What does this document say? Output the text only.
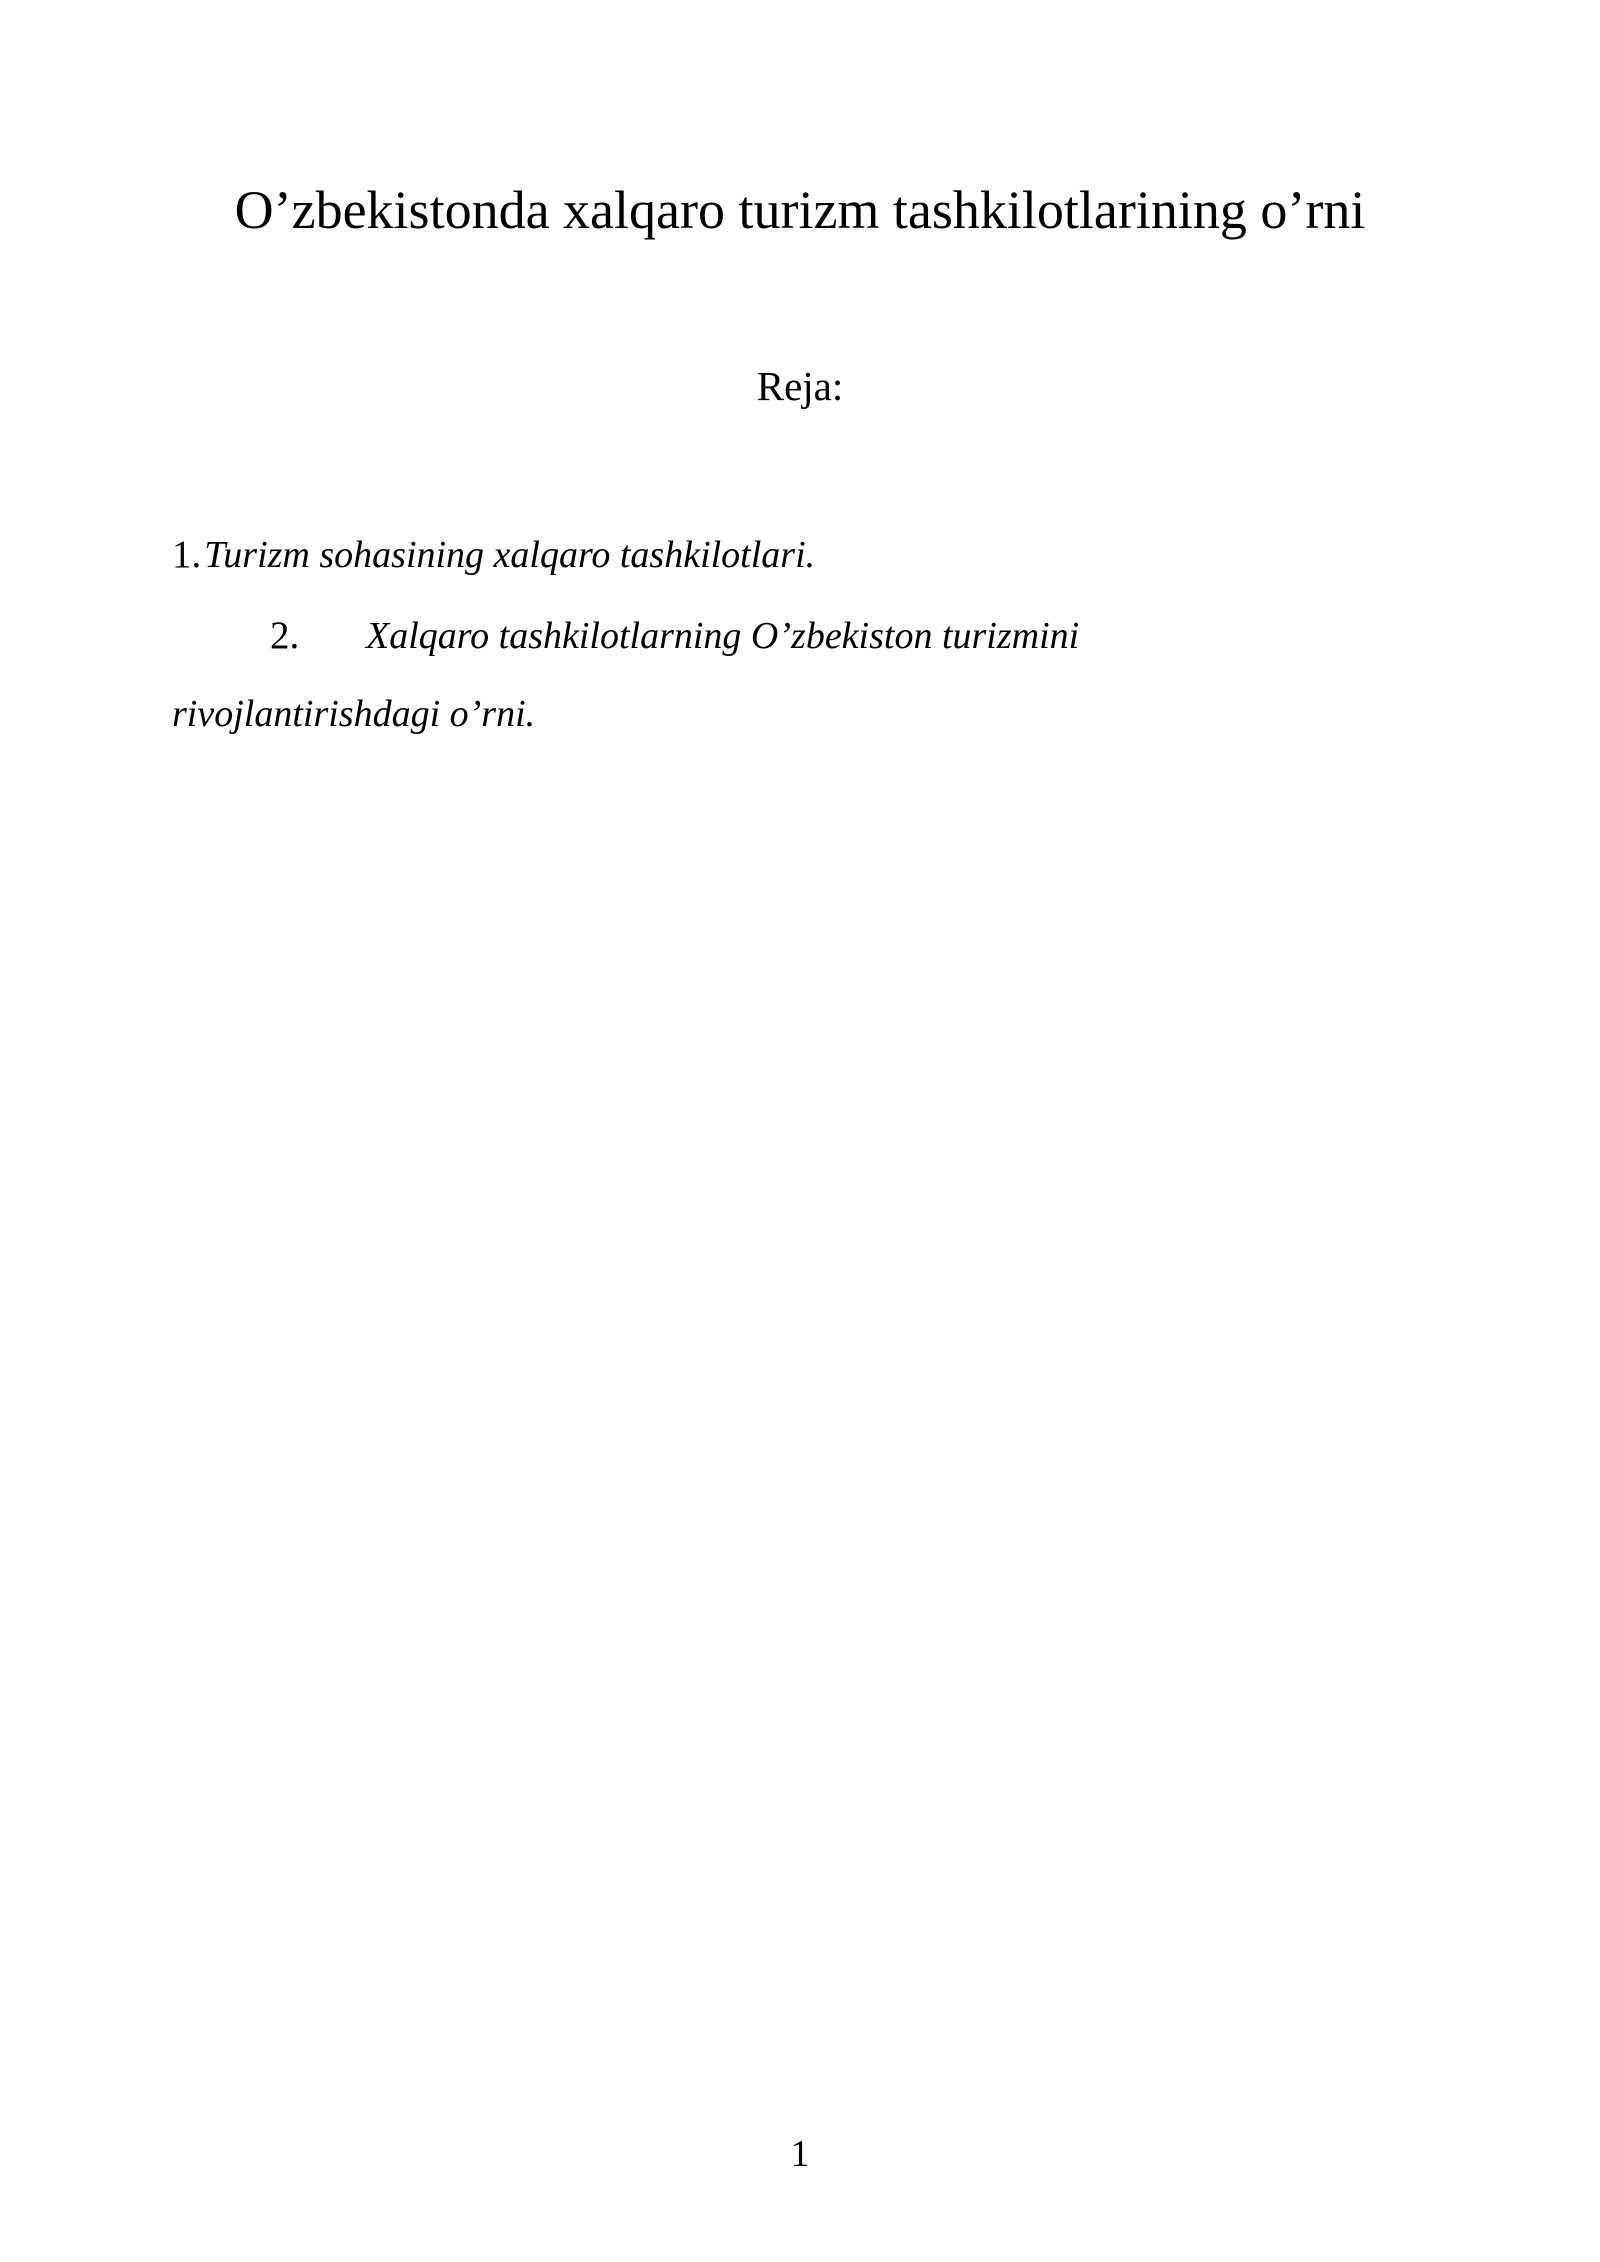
O’zbekistonda xalqaro turizm tashkilotlarining o’rni
Reja:
1.Turizm sohasining xalqaro tashkilotlari.
2. Xalqaro tashkilotlarning O’zbekiston turizmini
rivojlantirishdagi o’rni.
1
